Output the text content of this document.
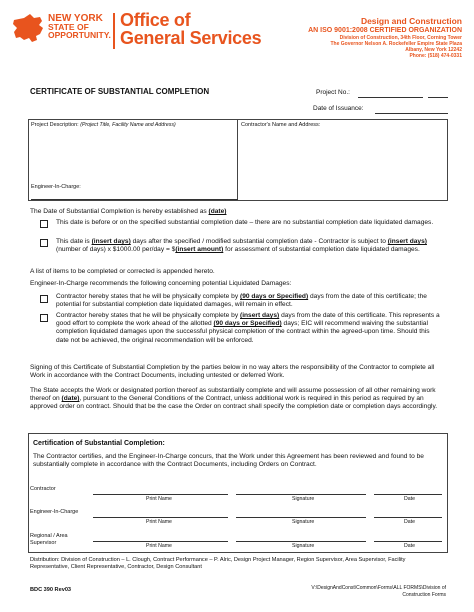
NEW YORK
STATE OF
OPPORTUNITY.
Office of
General Services
Design and Construction
AN ISO 9001:2008 CERTIFIED ORGANIZATION
Division of Construction, 34th Floor, Corning Tower
The Governor Nelson A. Rockefeller Empire State Plaza
Albany, New York 12242
Phone: (518) 474-0331
CERTIFICATE OF SUBSTANTIAL COMPLETION	Project No.:
Date of Issuance:
Project Description: (Project Title, Facility Name and Address)	Contractor's Name and Address:
Engineer-In-Charge:
The Date of Substantial Completion is hereby established as (date)
This date is before or on the specified substantial completion date – there are no substantial completion date liquidated damages.
This date is (insert days) days after the specified / modified substantial completion date - Contractor is subject to (insert days) (number of days) x $1000.00 per/day = $(insert amount) for assessment of substantial completion date liquidated damages.
A list of items to be completed or corrected is appended hereto.
Engineer-In-Charge recommends the following concerning potential Liquidated Damages:
Contractor hereby states that he will be physically complete by (90 days or Specified) days from the date of this certificate; the potential for substantial completion date liquidated damages, will remain in effect.
Contractor hereby states that he will be physically complete by (insert days) days from the date of this certificate. This represents a good effort to complete the work ahead of the allotted (90 days or Specified) days; EIC will recommend waiving the substantial completion liquidated damages upon the successful physical completion of the contract within the agreed-upon time. Should this date not be achieved, the original recommendation will be enforced.
Signing of this Certificate of Substantial Completion by the parties below in no way alters the responsibility of the Contractor to complete all Work in accordance with the Contract Documents, including untested or deferred Work.
The State accepts the Work or designated portion thereof as substantially complete and will assume possession of all other remaining work thereof on (date), pursuant to the General Conditions of the Contract, unless additional work is required in this period as required by an approved order on contract. Should that be the case the Order on contract shall specify the completion date or completion days accordingly.
Certification of Substantial Completion:
The Contractor certifies, and the Engineer-In-Charge concurs, that the Work under this Agreement has been reviewed and found to be substantially complete in accordance with the Contract Documents, including Orders on Contract.
Contractor
Print Name	Signature	Date
Engineer-In-Charge
Print Name	Signature	Date
Regional / Area
Supervisor
Print Name	Signature	Date
Distribution: Division of Construction – L. Clough, Contract Performance – P. Alric, Design Project Manager, Region Supervisor, Area Supervisor, Facility Representative, Client Representative, Contractor, Design Consultant
BDC 390 Rev03	V:\DesignAndConst\Common\Forms\ALL FORMS\Division of
Construction Forms
